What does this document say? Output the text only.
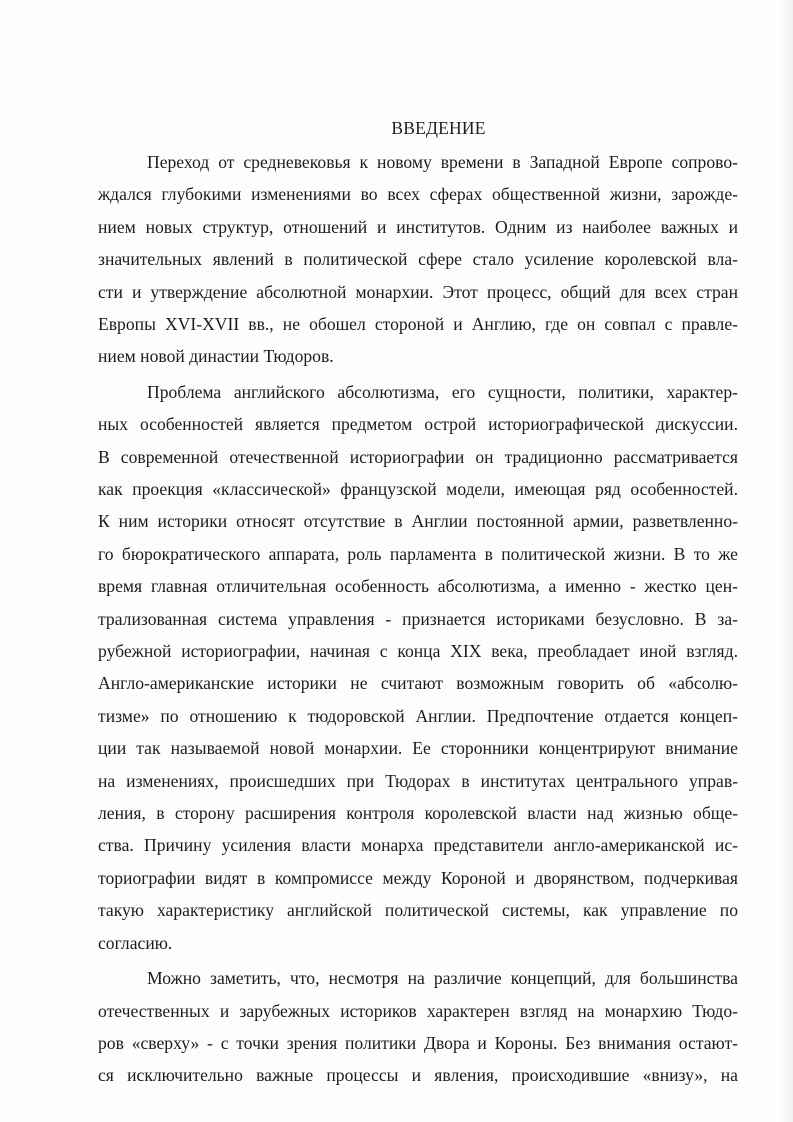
ВВЕДЕНИЕ
Переход от средневековья к новому времени в Западной Европе сопрово-
ждался глубокими изменениями во всех сферах общественной жизни, зарожде-
нием новых структур, отношений и институтов. Одним из наиболее важных и
значительных явлений в политической сфере стало усиление королевской вла-
сти и утверждение абсолютной монархии. Этот процесс, общий для всех стран
Европы XVI-XVII вв., не обошел стороной и Англию, где он совпал с правле-
нием новой династии Тюдоров.
Проблема английского абсолютизма, его сущности, политики, характер-
ных особенностей является предметом острой историографической дискуссии.
В современной отечественной историографии он традиционно рассматривается
как проекция «классической» французской модели, имеющая ряд особенностей.
К ним историки относят отсутствие в Англии постоянной армии, разветвленно-
го бюрократического аппарата, роль парламента в политической жизни. В то же
время главная отличительная особенность абсолютизма, а именно - жестко цен-
трализованная система управления - признается историками безусловно. В за-
рубежной историографии, начиная с конца XIX века, преобладает иной взгляд.
Англо-американские историки не считают возможным говорить об «абсолю-
тизме» по отношению к тюдоровской Англии. Предпочтение отдается концеп-
ции так называемой новой монархии. Ее сторонники концентрируют внимание
на изменениях, происшедших при Тюдорах в институтах центрального управ-
ления, в сторону расширения контроля королевской власти над жизнью обще-
ства. Причину усиления власти монарха представители англо-американской ис-
ториографии видят в компромиссе между Короной и дворянством, подчеркивая
такую характеристику английской политической системы, как управление по
согласию.
Можно заметить, что, несмотря на различие концепций, для большинства
отечественных и зарубежных историков характерен взгляд на монархию Тюдо-
ров «сверху» - с точки зрения политики Двора и Короны. Без внимания остают-
ся исключительно важные процессы и явления, происходившие «внизу», на
